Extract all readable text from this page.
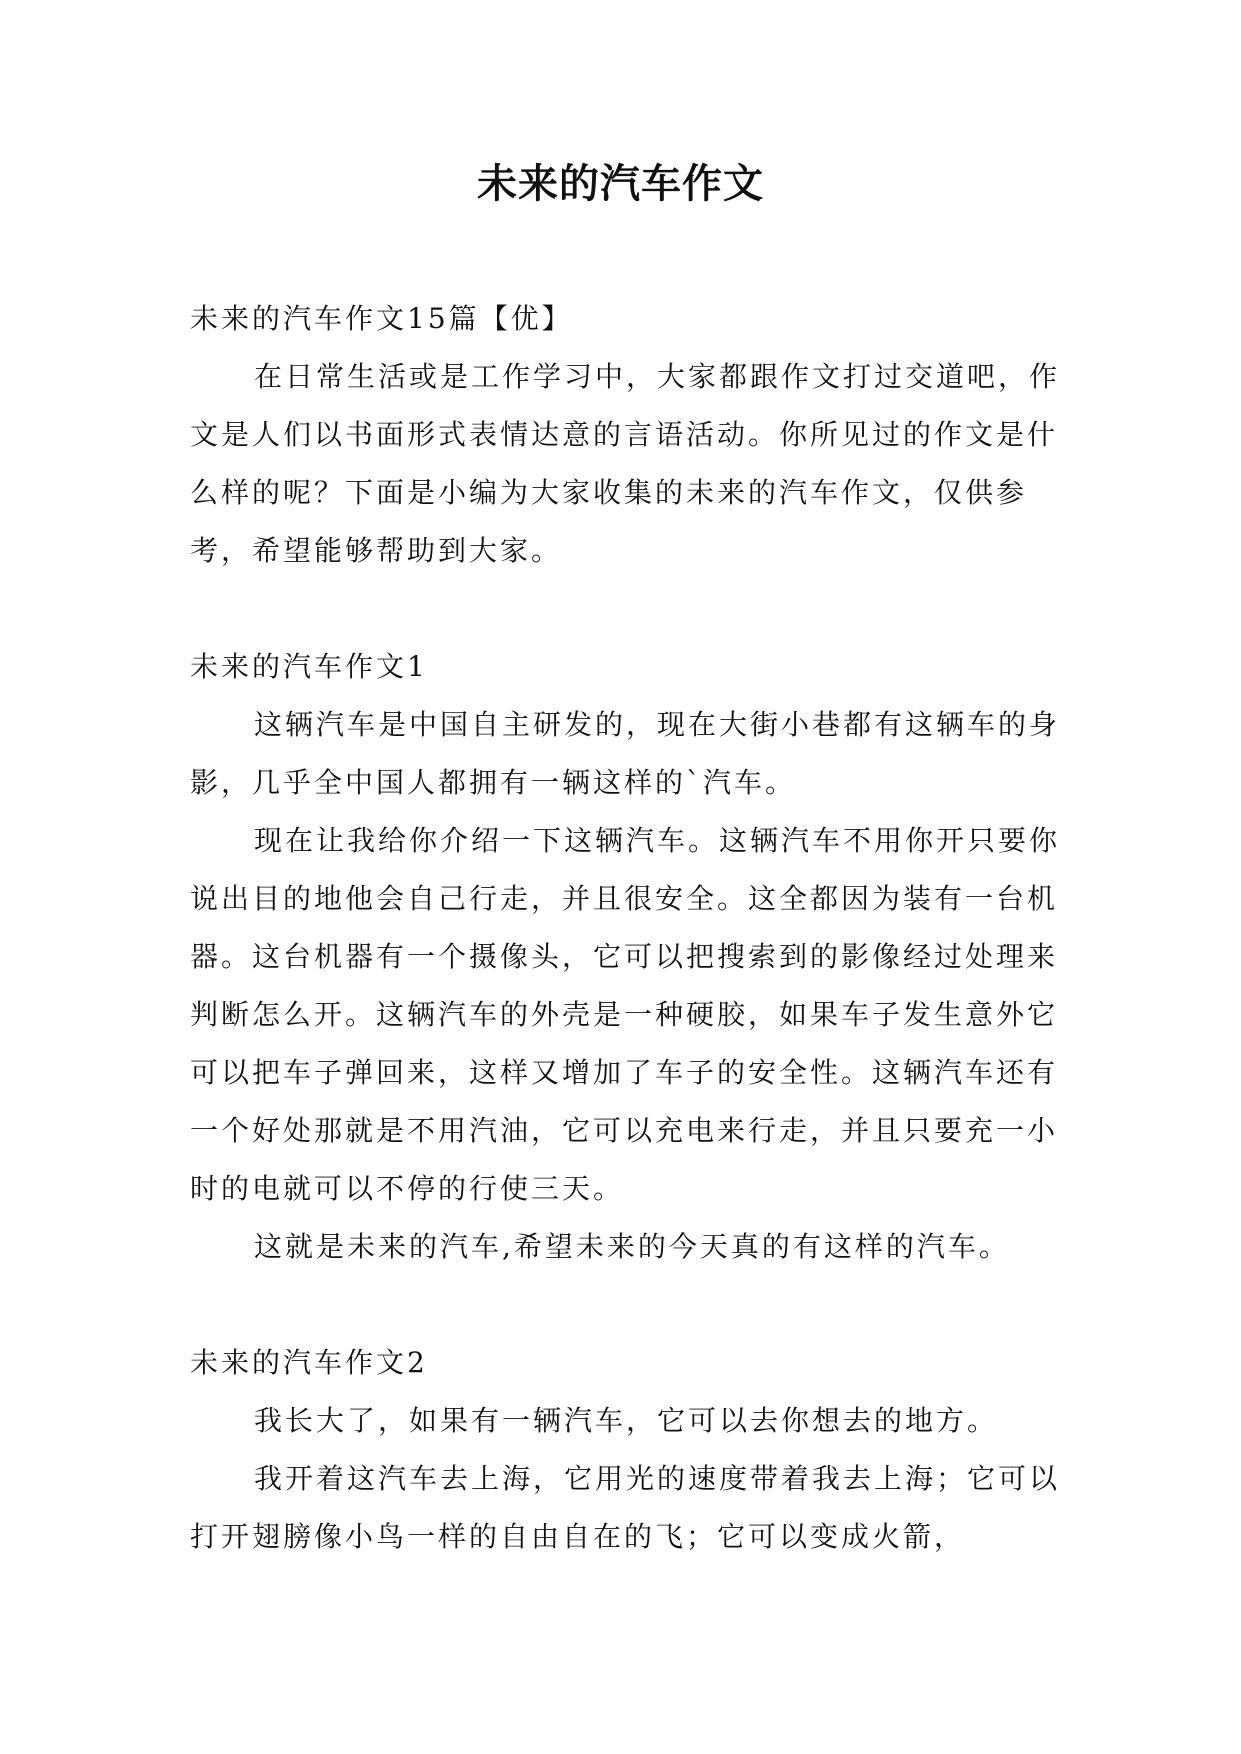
未来的汽车作文

未来的汽车作文15篇【优】

在日常生活或是工作学习中，大家都跟作文打过交道吧，作文是人们以书面形式表情达意的言语活动。你所见过的作文是什么样的呢？下面是小编为大家收集的未来的汽车作文，仅供参考，希望能够帮助到大家。

未来的汽车作文1

这辆汽车是中国自主研发的，现在大街小巷都有这辆车的身影，几乎全中国人都拥有一辆这样的`汽车。

现在让我给你介绍一下这辆汽车。这辆汽车不用你开只要你说出目的地他会自己行走，并且很安全。这全都因为装有一台机器。这台机器有一个摄像头，它可以把搜索到的影像经过处理来判断怎么开。这辆汽车的外壳是一种硬胶，如果车子发生意外它可以把车子弹回来，这样又增加了车子的安全性。这辆汽车还有一个好处那就是不用汽油，它可以充电来行走，并且只要充一小时的电就可以不停的行使三天。

这就是未来的汽车,希望未来的今天真的有这样的汽车。

未来的汽车作文2

我长大了，如果有一辆汽车，它可以去你想去的地方。

我开着这汽车去上海，它用光的速度带着我去上海；它可以打开翅膀像小鸟一样的自由自在的飞；它可以变成火箭，
